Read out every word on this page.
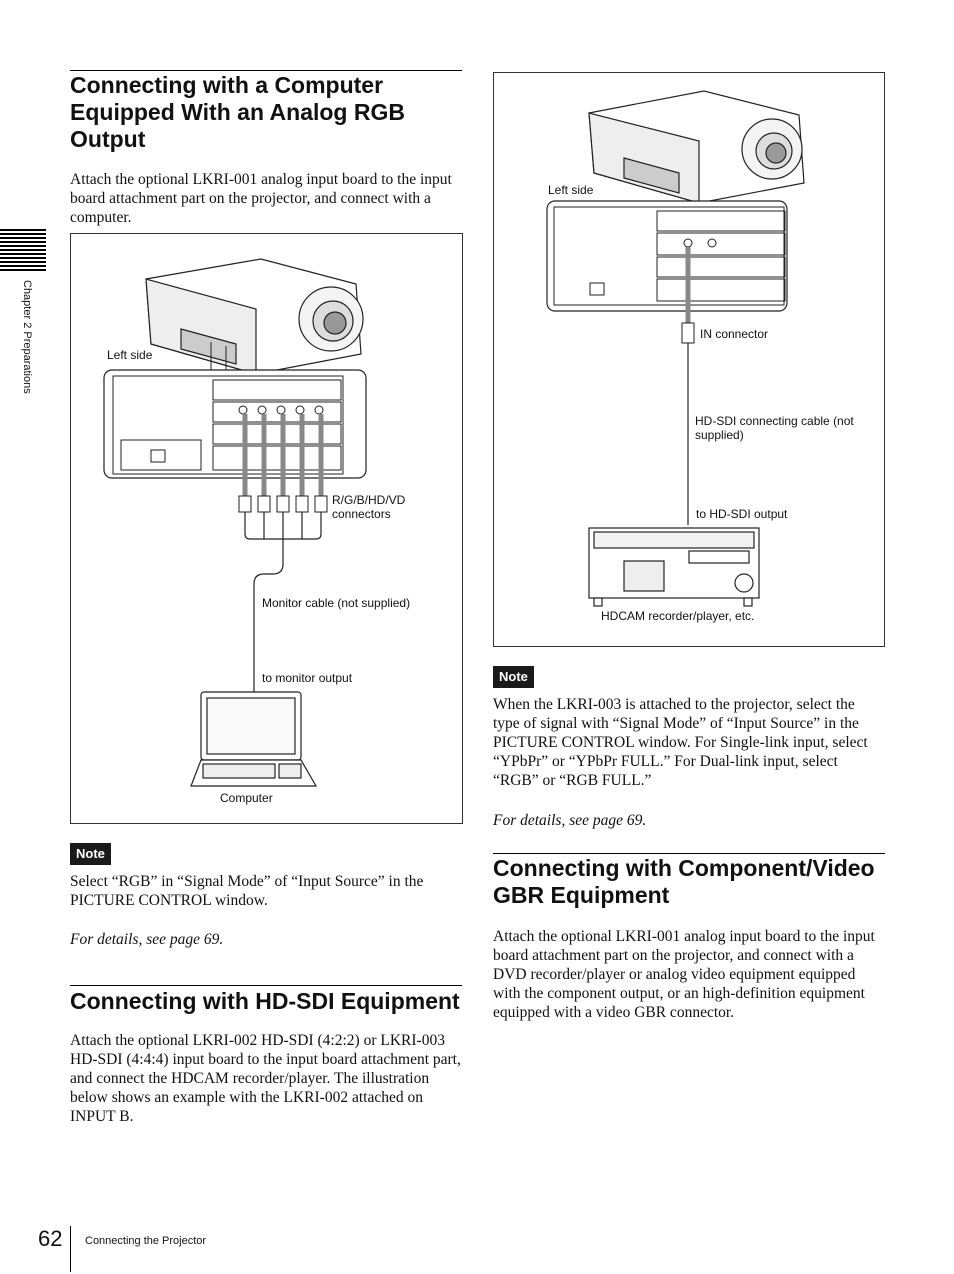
Chapter 2 Preparations
Connecting with a Computer Equipped With an Analog RGB Output

Attach the optional LKRI-001 analog input board to the input board attachment part on the projector, and connect with a computer.

Left side
R/G/B/HD/VD connectors
Monitor cable (not supplied)
to monitor output
Computer
Note

Select “RGB” in “Signal Mode” of “Input Source” in the PICTURE CONTROL window.

For details, see page 69.

Connecting with HD-SDI Equipment

Attach the optional LKRI-002 HD-SDI (4:2:2) or LKRI-003 HD-SDI (4:4:4) input board to the input board attachment part, and connect the HDCAM recorder/player. The illustration below shows an example with the LKRI-002 attached on INPUT B.

Left side
IN connector
HD-SDI connecting cable (not supplied)
to HD-SDI output
HDCAM recorder/player, etc.
Note

When the LKRI-003 is attached to the projector, select the type of signal with “Signal Mode” of “Input Source” in the PICTURE CONTROL window. For Single-link input, select “YPbPr” or “YPbPr FULL.” For Dual-link input, select “RGB” or “RGB FULL.”

For details, see page 69.

Connecting with Component/Video GBR Equipment

Attach the optional LKRI-001 analog input board to the input board attachment part on the projector, and connect with a DVD recorder/player or analog video equipment equipped with the component output, or an high-definition equipment equipped with a video GBR connector.

62 Connecting the Projector
